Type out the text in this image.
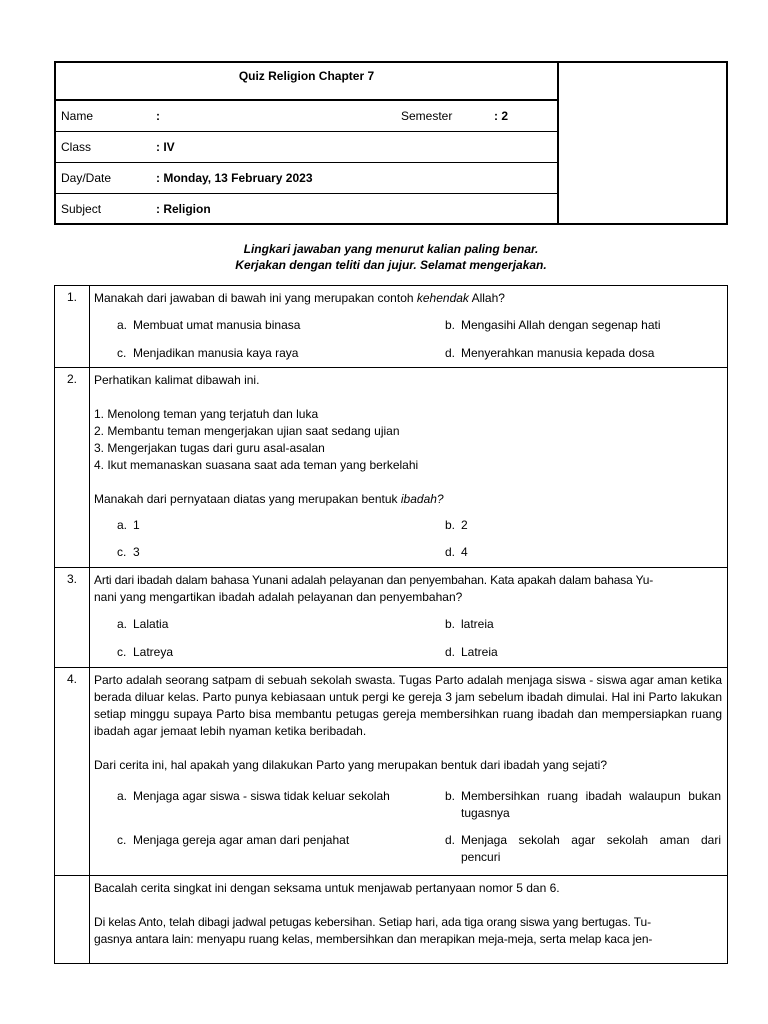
Quiz Religion Chapter 7
Name	:	Semester	: 2
Class	: IV
Day/Date	: Monday, 13 February 2023
Subject	: Religion
Lingkari jawaban yang menurut kalian paling benar.
Kerjakan dengan teliti dan jujur. Selamat mengerjakan.
1.	Manakah dari jawaban di bawah ini yang merupakan contoh kehendak Allah?
a. Membuat umat manusia binasa	b. Mengasihi Allah dengan segenap hati
c. Menjadikan manusia kaya raya	d. Menyerahkan manusia kepada dosa
2.	Perhatikan kalimat dibawah ini.

1. Menolong teman yang terjatuh dan luka

2. Membantu teman mengerjakan ujian saat sedang ujian

3. Mengerjakan tugas dari guru asal-asalan

4. Ikut memanaskan suasana saat ada teman yang berkelahi

Manakah dari pernyataan diatas yang merupakan bentuk ibadah?

a. 1	b. 2
c. 3	d. 4
3.	Arti dari ibadah dalam bahasa Yunani adalah pelayanan dan penyembahan. Kata apakah dalam bahasa Yu-

nani yang mengartikan ibadah adalah pelayanan dan penyembahan?

a. Lalatia	b. latreia
c. Latreya	d. Latreia
4.	Parto adalah seorang satpam di sebuah sekolah swasta. Tugas Parto adalah menjaga siswa - siswa agar aman ketika berada diluar kelas. Parto punya kebiasaan untuk pergi ke gereja 3 jam sebelum ibadah dimulai. Hal ini Parto lakukan setiap minggu supaya Parto bisa membantu petugas gereja membersihkan ruang ibadah dan mempersiapkan ruang ibadah agar jemaat lebih nyaman ketika beribadah.

Dari cerita ini, hal apakah yang dilakukan Parto yang merupakan bentuk dari ibadah yang sejati?

a. Menjaga agar siswa - siswa tidak keluar sekolah	b. Membersihkan ruang ibadah walaupun bukan tugasnya
c. Menjaga gereja agar aman dari penjahat	d. Menjaga sekolah agar sekolah aman dari pencuri

Bacalah cerita singkat ini dengan seksama untuk menjawab pertanyaan nomor 5 dan 6.

Di kelas Anto, telah dibagi jadwal petugas kebersihan. Setiap hari, ada tiga orang siswa yang bertugas. Tu-

gasnya antara lain: menyapu ruang kelas, membersihkan dan merapikan meja-meja, serta melap kaca jen-
